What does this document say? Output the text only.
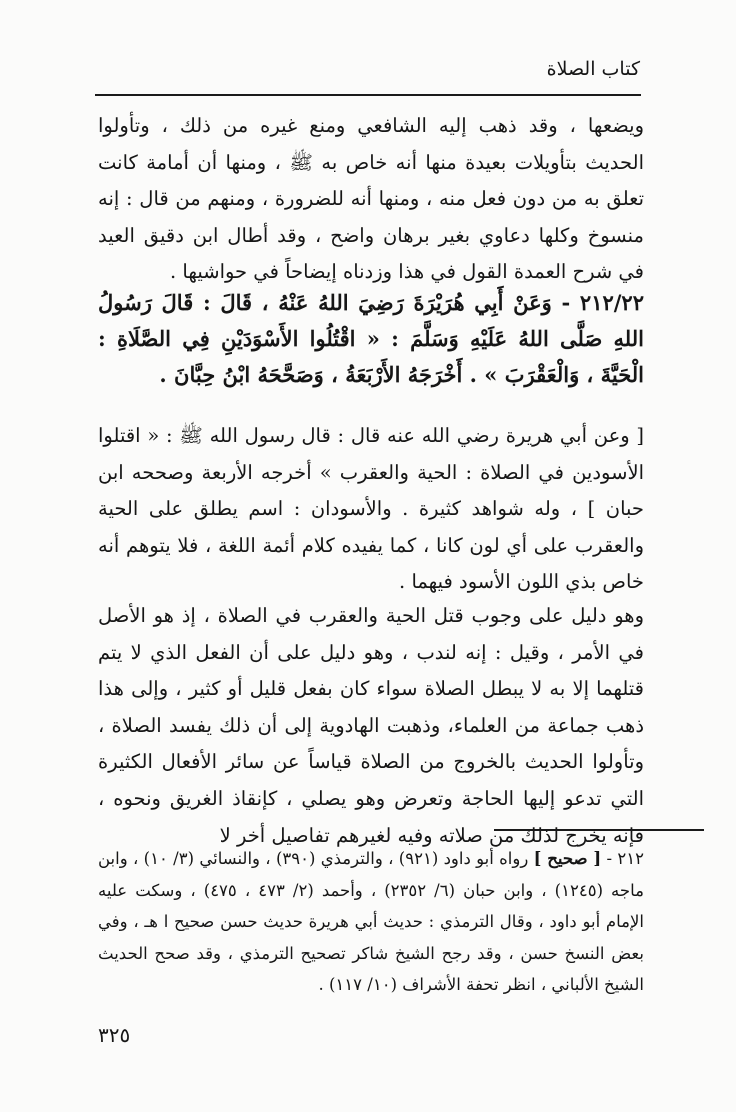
كتاب الصلاة

ويضعها ، وقد ذهب إليه الشافعي ومنع غيره من ذلك ، وتأولوا الحديث بتأويلات بعيدة منها أنه خاص به ﷺ ، ومنها أن أمامة كانت تعلق به من دون فعل منه ، ومنها أنه للضرورة ، ومنهم من قال : إنه منسوخ وكلها دعاوي بغير برهان واضح ، وقد أطال ابن دقيق العيد في شرح العمدة القول في هذا وزدناه إيضاحاً في حواشيها .

٢١٢/٢٢ - وَعَنْ أَبِي هُرَيْرَةَ رَضِيَ اللهُ عَنْهُ ، قَالَ : قَالَ رَسُولُ اللهِ صَلَّى اللهُ عَلَيْهِ وَسَلَّمَ : « اقْتُلُوا الأَسْوَدَيْنِ فِي الصَّلَاةِ : الْحَيَّةَ ، وَالْعَقْرَبَ » . أَخْرَجَهُ الأَرْبَعَةُ ، وَصَحَّحَهُ ابْنُ حِبَّانَ .

[ وعن أبي هريرة رضي الله عنه قال : قال رسول الله ﷺ : « اقتلوا الأسودين في الصلاة : الحية والعقرب » أخرجه الأربعة وصححه ابن حبان ] ، وله شواهد كثيرة . والأسودان : اسم يطلق على الحية والعقرب على أي لون كانا ، كما يفيده كلام أئمة اللغة ، فلا يتوهم أنه خاص بذي اللون الأسود فيهما .

وهو دليل على وجوب قتل الحية والعقرب في الصلاة ، إذ هو الأصل في الأمر ، وقيل : إنه لندب ، وهو دليل على أن الفعل الذي لا يتم قتلهما إلا به لا يبطل الصلاة سواء كان بفعل قليل أو كثير ، وإلى هذا ذهب جماعة من العلماء، وذهبت الهادوية إلى أن ذلك يفسد الصلاة ، وتأولوا الحديث بالخروج من الصلاة قياساً عن سائر الأفعال الكثيرة التي تدعو إليها الحاجة وتعرض وهو يصلي ، كإنقاذ الغريق ونحوه ، فإنه يخرج لذلك من صلاته وفيه لغيرهم تفاصيل أخر لا

٢١٢ - [ صحيح ] رواه أبو داود (٩٢١) ، والترمذي (٣٩٠) ، والنسائي (٣/ ١٠) ، وابن ماجه (١٢٤٥) ، وابن حبان (٦/ ٢٣٥٢) ، وأحمد (٢/ ٤٧٣ ، ٤٧٥) ، وسكت عليه الإمام أبو داود ، وقال الترمذي : حديث أبي هريرة حديث حسن صحيح ا هـ ، وفي بعض النسخ حسن ، وقد رجح الشيخ شاكر تصحيح الترمذي ، وقد صحح الحديث الشيخ الألباني ، انظر تحفة الأشراف (١٠/ ١١٧) .
٣٢٥
